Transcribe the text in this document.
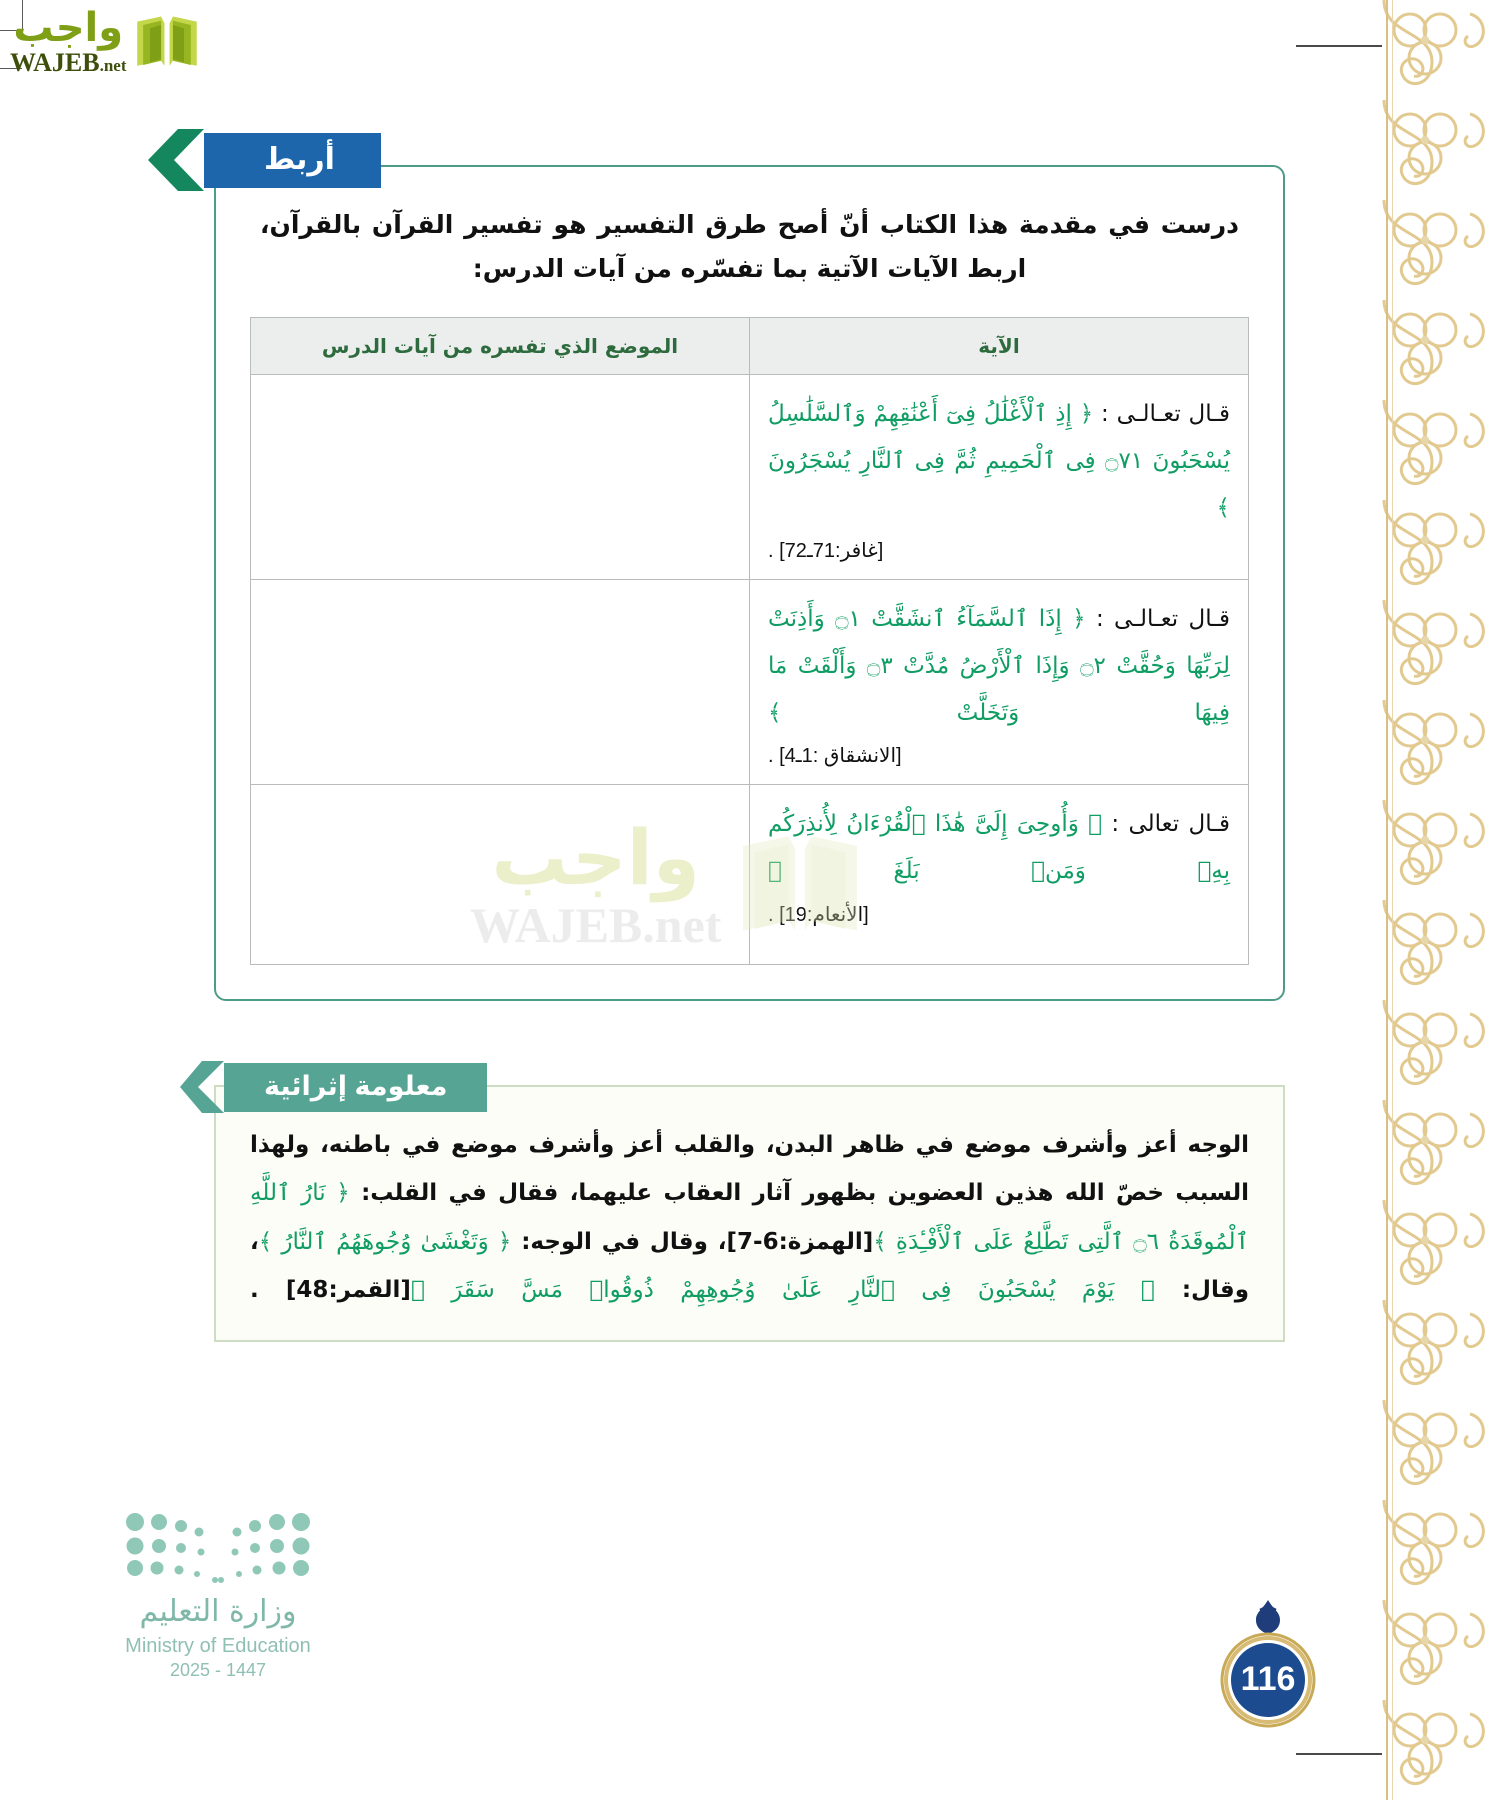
واجب
WAJEB.net
أربط

درست في مقدمة هذا الكتاب أنّ أصح طرق التفسير هو تفسير القرآن بالقرآن، اربط الآيات الآتية بما تفسّره من آيات الدرس:

الآية	الموضع الذي تفسره من آيات الدرس

قـال تعـالـى : ﴿ إِذِ ٱلْأَغْلَٰلُ فِىٓ أَعْنَٰقِهِمْ وَٱلسَّلَٰسِلُ يُسْحَبُونَ ۝٧١ فِى ٱلْحَمِيمِ ثُمَّ فِى ٱلنَّارِ يُسْجَرُونَ ﴾
[غافر:71ـ72] .	

قـال تعـالـى : ﴿ إِذَا ٱلسَّمَآءُ ٱنشَقَّتْ ۝١ وَأَذِنَتْ لِرَبِّهَا وَحُقَّتْ ۝٢ وَإِذَا ٱلْأَرْضُ مُدَّتْ ۝٣ وَأَلْقَتْ مَا فِيهَا وَتَخَلَّتْ ﴾
[الانشقاق :1ـ4] .	

قـال تعالى : ﴿ وَأُوحِىَ إِلَىَّ هَٰذَا ٱلْقُرْءَانُ لِأُنذِرَكُم بِهِۦ وَمَنۢ بَلَغَ ﴾
[الأنعام:19] .	

واجب
WAJEB.net
معلومة إثرائية

الوجه أعز وأشرف موضع في ظاهر البدن، والقلب أعز وأشرف موضع في باطنه، ولهذا السبب خصّ الله هذين العضوين بظهور آثار العقاب عليهما، فقال في القلب: ﴿ نَارُ ٱللَّهِ ٱلْمُوقَدَةُ ۝٦ ٱلَّتِى تَطَّلِعُ عَلَى ٱلْأَفْـِٔدَةِ ﴾[الهمزة:6-7]، وقال في الوجه: ﴿ وَتَغْشَىٰ وُجُوهَهُمُ ٱلنَّارُ ﴾، وقال: ﴿ يَوْمَ يُسْحَبُونَ فِى ٱلنَّارِ عَلَىٰ وُجُوهِهِمْ ذُوقُوا۟ مَسَّ سَقَرَ ﴾[القمر:48] .

وزارة التعليم
Ministry of Education
2025 - 1447	116
